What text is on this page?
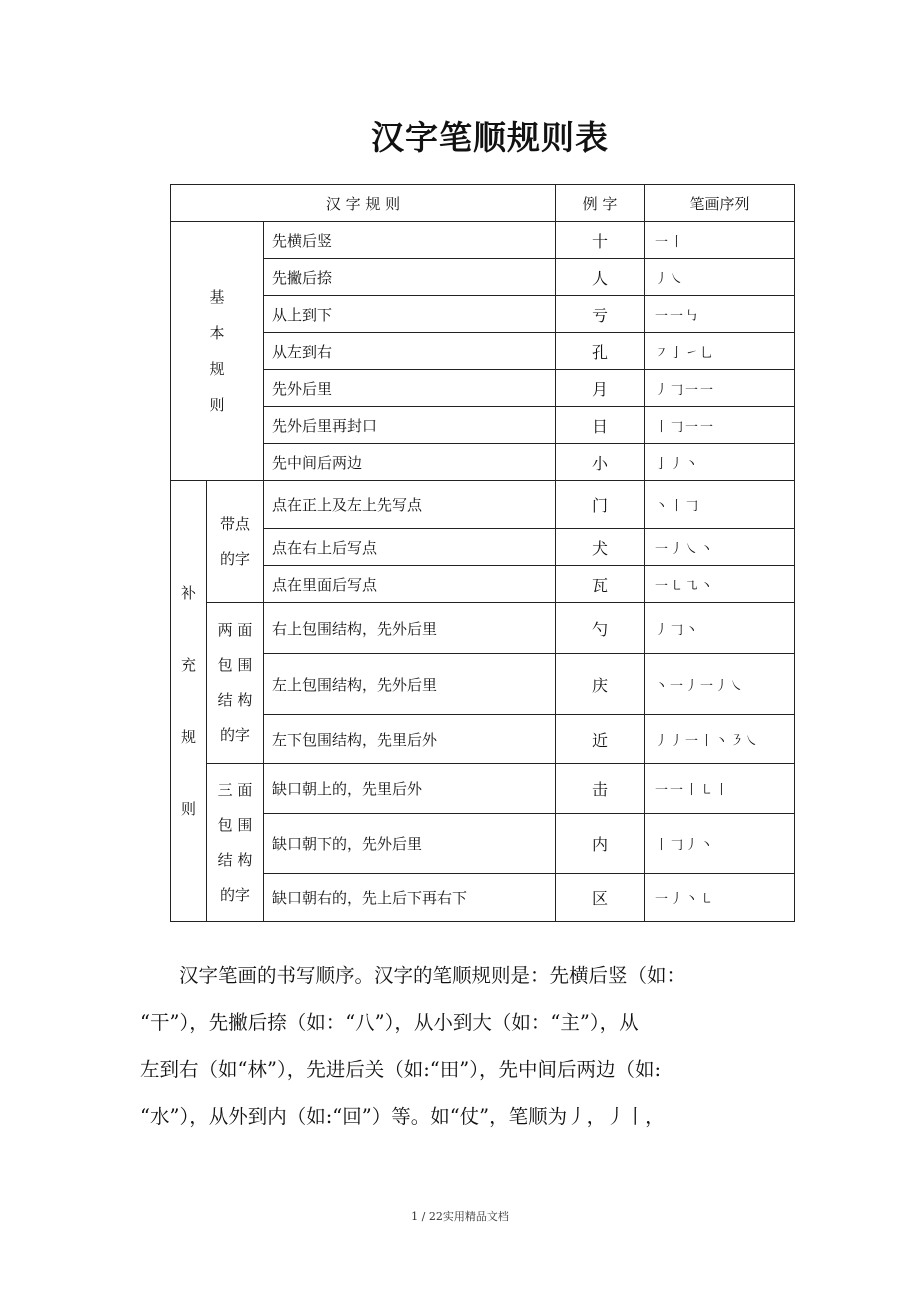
汉字笔顺规则表
汉 字 规 则			例 字	笔画序列

基
本
规
则		先横后竖	十	一丨
		先撇后捺	人	丿㇏
		从上到下	亏	一一㇉
		从左到右	孔	㇇亅㇀乚
		先外后里	月	丿𠃌一一
		先外后里再封口	日	丨𠃌一一
		先中间后两边	小	亅丿丶

补
充
规
则	带点
的字	点在正上及左上先写点	门	丶丨𠃌
		点在右上后写点	犬	一丿㇏丶
		点在里面后写点	瓦	一㇄㇈丶

	两 面
包 围
结 构
的字	右上包围结构，先外后里	勺	丿𠃌丶
		左上包围结构，先外后里	庆	丶一丿一丿㇏
		左下包围结构，先里后外	近	丿丿一丨丶㇋㇏

	三 面
包 围
结 构
的字	缺口朝上的，先里后外	击	一一丨㇄丨
		缺口朝下的，先外后里	内	丨𠃌丿丶
		缺口朝右的，先上后下再右下	区	一丿丶㇄

汉字笔画的书写顺序。汉字的笔顺规则是：先横后竖（如：
“干”），先撇后捺（如：“八”），从小到大（如：“主”），从
左到右（如“林”），先进后关（如:“田”），先中间后两边（如:
“水”），从外到内（如:“回”）等。如“仗”，笔顺为丿，丿丨，

1 / 22实用精品文档
